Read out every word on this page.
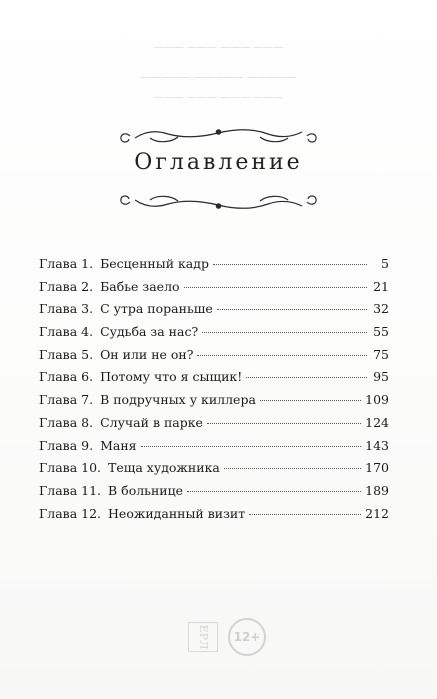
——— ——— ——— ———
————— ————— —————
——— ——— ——— ———
Оглавление
Глава 1. Бесценный кадр	5
Глава 2. Бабье заело	21
Глава 3. С утра пораньше	32
Глава 4. Судьба за нас?	55
Глава 5. Он или не он?	75
Глава 6. Потому что я сыщик!	95
Глава 7. В подручных у киллера	109
Глава 8. Случай в парке	124
Глава 9. Маня	143
Глава 10. Теща художника	170
Глава 11. В больнице	189
Глава 12. Неожиданный визит	212
ЕРЛ	12+
